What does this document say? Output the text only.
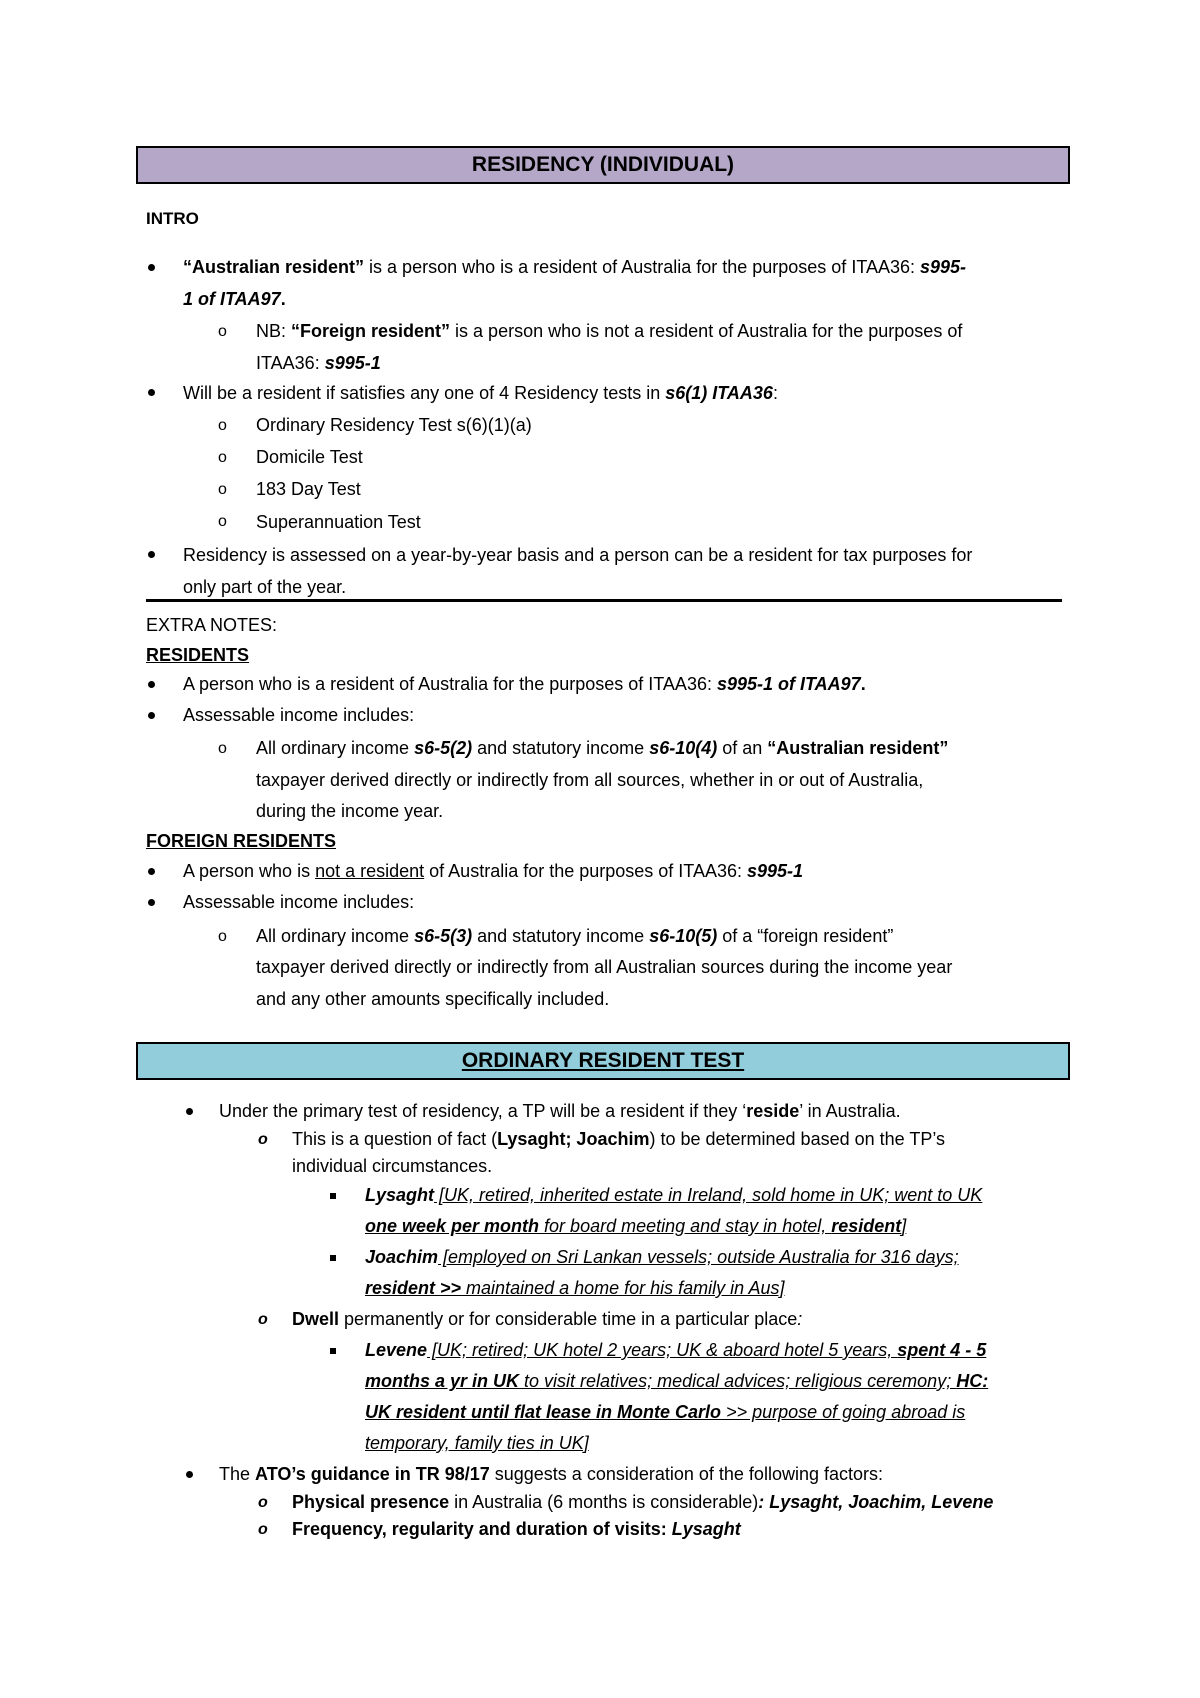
RESIDENCY (INDIVIDUAL)
INTRO
“Australian resident” is a person who is a resident of Australia for the purposes of ITAA36: s995-
1 of ITAA97.
o NB: “Foreign resident” is a person who is not a resident of Australia for the purposes of
ITAA36: s995-1
Will be a resident if satisfies any one of 4 Residency tests in s6(1) ITAA36:
o Ordinary Residency Test s(6)(1)(a)
o Domicile Test
o 183 Day Test
o Superannuation Test
Residency is assessed on a year-by-year basis and a person can be a resident for tax purposes for
only part of the year.
EXTRA NOTES:
RESIDENTS
A person who is a resident of Australia for the purposes of ITAA36: s995-1 of ITAA97.
Assessable income includes:
o All ordinary income s6-5(2) and statutory income s6-10(4) of an “Australian resident”
taxpayer derived directly or indirectly from all sources, whether in or out of Australia,
during the income year.
FOREIGN RESIDENTS
A person who is not a resident of Australia for the purposes of ITAA36: s995-1
Assessable income includes:
o All ordinary income s6-5(3) and statutory income s6-10(5) of a “foreign resident”
taxpayer derived directly or indirectly from all Australian sources during the income year
and any other amounts specifically included.
ORDINARY RESIDENT TEST
Under the primary test of residency, a TP will be a resident if they ‘reside’ in Australia.
o This is a question of fact (Lysaght; Joachim) to be determined based on the TP’s
individual circumstances.
Lysaght [UK, retired, inherited estate in Ireland, sold home in UK; went to UK
one week per month for board meeting and stay in hotel, resident]
Joachim [employed on Sri Lankan vessels; outside Australia for 316 days;
resident >> maintained a home for his family in Aus]
o Dwell permanently or for considerable time in a particular place:
Levene [UK; retired; UK hotel 2 years; UK & aboard hotel 5 years, spent 4 - 5
months a yr in UK to visit relatives; medical advices; religious ceremony; HC:
UK resident until flat lease in Monte Carlo >> purpose of going abroad is
temporary, family ties in UK]
The ATO’s guidance in TR 98/17 suggests a consideration of the following factors:
o Physical presence in Australia (6 months is considerable): Lysaght, Joachim, Levene
o Frequency, regularity and duration of visits: Lysaght
